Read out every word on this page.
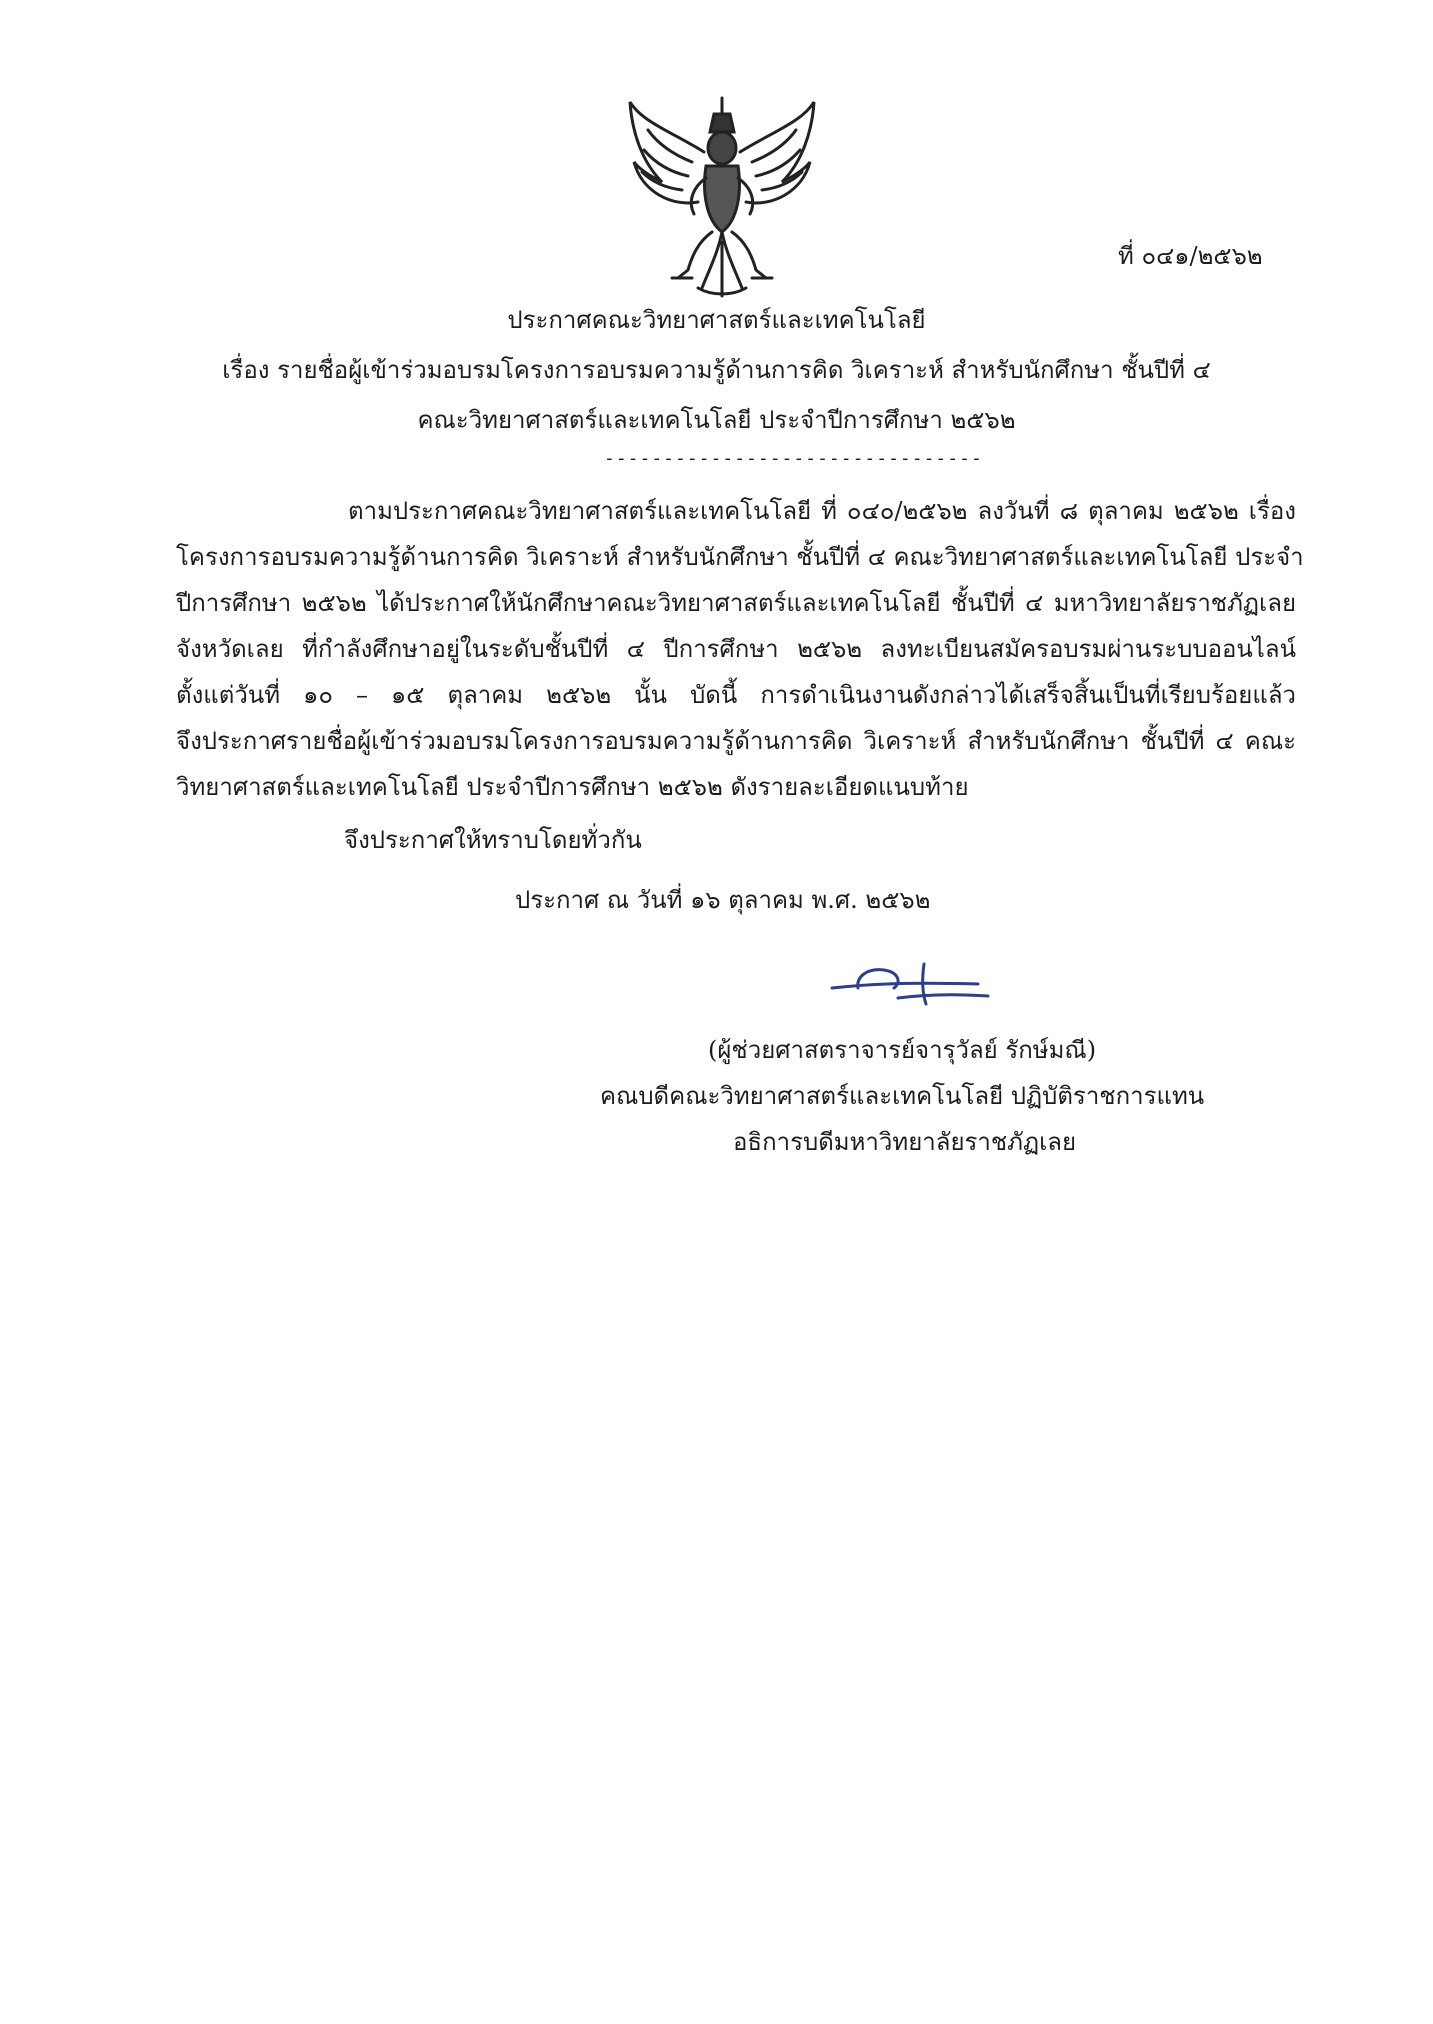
ที่ ๐๔๑/๒๕๖๒
ประกาศคณะวิทยาศาสตร์และเทคโนโลยี
เรื่อง รายชื่อผู้เข้าร่วมอบรมโครงการอบรมความรู้ด้านการคิด วิเคราะห์ สำหรับนักศึกษา ชั้นปีที่ ๔
คณะวิทยาศาสตร์และเทคโนโลยี ประจำปีการศึกษา ๒๕๖๒
--------------------------------
ตามประกาศคณะวิทยาศาสตร์และเทคโนโลยี ที่ ๐๔๐/๒๕๖๒ ลงวันที่ ๘ ตุลาคม ๒๕๖๒ เรื่อง
โครงการอบรมความรู้ด้านการคิด วิเคราะห์ สำหรับนักศึกษา ชั้นปีที่ ๔ คณะวิทยาศาสตร์และเทคโนโลยี ประจำ
ปีการศึกษา ๒๕๖๒ ได้ประกาศให้นักศึกษาคณะวิทยาศาสตร์และเทคโนโลยี ชั้นปีที่ ๔ มหาวิทยาลัยราชภัฏเลย
จังหวัดเลย ที่กำลังศึกษาอยู่ในระดับชั้นปีที่ ๔ ปีการศึกษา ๒๕๖๒ ลงทะเบียนสมัครอบรมผ่านระบบออนไลน์
ตั้งแต่วันที่ ๑๐ – ๑๕ ตุลาคม ๒๕๖๒ นั้น บัดนี้ การดำเนินงานดังกล่าวได้เสร็จสิ้นเป็นที่เรียบร้อยแล้ว
จึงประกาศรายชื่อผู้เข้าร่วมอบรมโครงการอบรมความรู้ด้านการคิด วิเคราะห์ สำหรับนักศึกษา ชั้นปีที่ ๔ คณะ
วิทยาศาสตร์และเทคโนโลยี ประจำปีการศึกษา ๒๕๖๒ ดังรายละเอียดแนบท้าย
จึงประกาศให้ทราบโดยทั่วกัน
ประกาศ ณ วันที่ ๑๖ ตุลาคม พ.ศ. ๒๕๖๒
(ผู้ช่วยศาสตราจารย์จารุวัลย์ รักษ์มณี)
คณบดีคณะวิทยาศาสตร์และเทคโนโลยี ปฏิบัติราชการแทน
อธิการบดีมหาวิทยาลัยราชภัฏเลย
